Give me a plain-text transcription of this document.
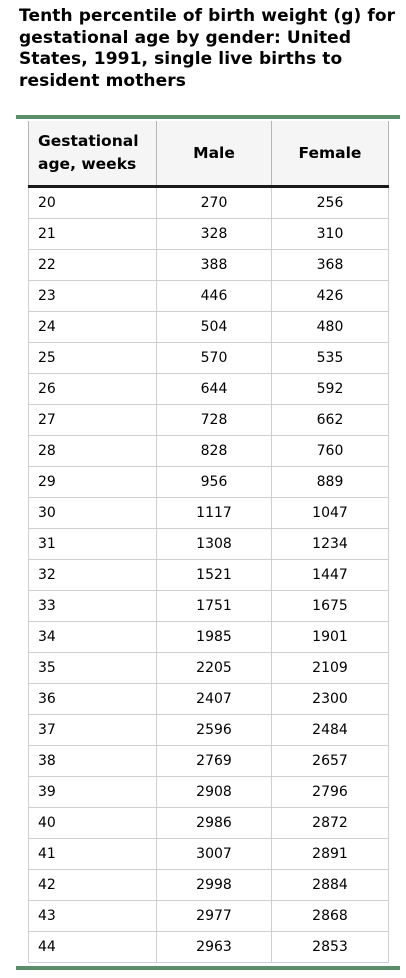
Tenth percentile of birth weight (g) for gestational age by gender: United States, 1991, single live births to resident mothers
Gestational age, weeks	Male	Female
20	270	256
21	328	310
22	388	368
23	446	426
24	504	480
25	570	535
26	644	592
27	728	662
28	828	760
29	956	889
30	1117	1047
31	1308	1234
32	1521	1447
33	1751	1675
34	1985	1901
35	2205	2109
36	2407	2300
37	2596	2484
38	2769	2657
39	2908	2796
40	2986	2872
41	3007	2891
42	2998	2884
43	2977	2868
44	2963	2853
